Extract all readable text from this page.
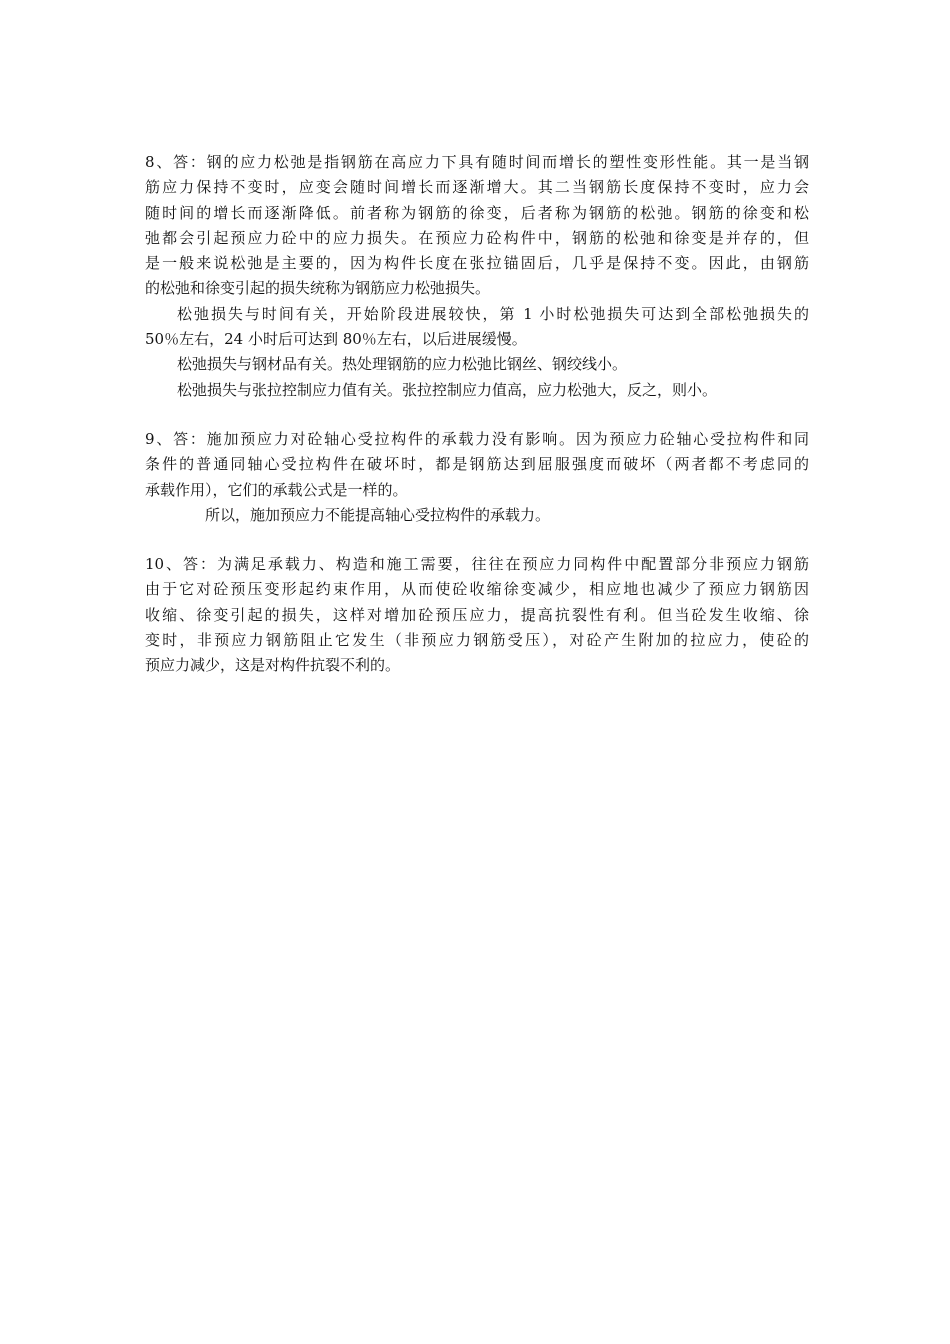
8、答：钢的应力松弛是指钢筋在高应力下具有随时间而增长的塑性变形性能。其一是当钢
筋应力保持不变时，应变会随时间增长而逐渐增大。其二当钢筋长度保持不变时，应力会
随时间的增长而逐渐降低。前者称为钢筋的徐变，后者称为钢筋的松弛。钢筋的徐变和松
弛都会引起预应力砼中的应力损失。在预应力砼构件中，钢筋的松弛和徐变是并存的，但
是一般来说松弛是主要的，因为构件长度在张拉锚固后，几乎是保持不变。因此，由钢筋
的松弛和徐变引起的损失统称为钢筋应力松弛损失。
松弛损失与时间有关，开始阶段进展较快，第 1 小时松弛损失可达到全部松弛损失的
50％左右，24 小时后可达到 80％左右，以后进展缓慢。
松弛损失与钢材品有关。热处理钢筋的应力松弛比钢丝、钢绞线小。
松弛损失与张拉控制应力值有关。张拉控制应力值高，应力松弛大，反之，则小。
9、答：施加预应力对砼轴心受拉构件的承载力没有影响。因为预应力砼轴心受拉构件和同
条件的普通同轴心受拉构件在破坏时，都是钢筋达到屈服强度而破坏（两者都不考虑同的
承载作用），它们的承载公式是一样的。
所以，施加预应力不能提高轴心受拉构件的承载力。
10、答：为满足承载力、构造和施工需要，往往在预应力同构件中配置部分非预应力钢筋
由于它对砼预压变形起约束作用，从而使砼收缩徐变减少，相应地也减少了预应力钢筋因
收缩、徐变引起的损失，这样对增加砼预压应力，提高抗裂性有利。但当砼发生收缩、徐
变时，非预应力钢筋阻止它发生（非预应力钢筋受压），对砼产生附加的拉应力，使砼的
预应力减少，这是对构件抗裂不利的。
